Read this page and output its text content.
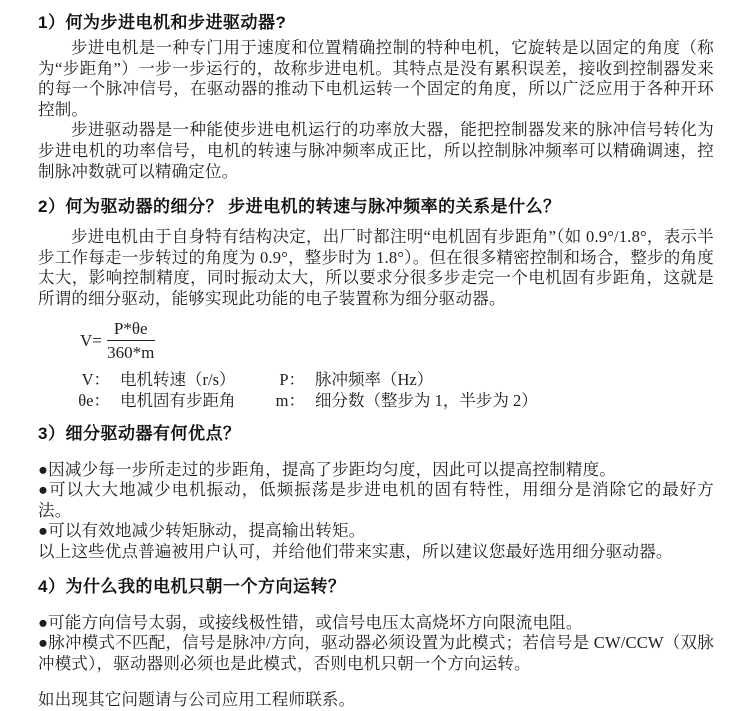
1）何为步进电机和步进驱动器?

步进电机是一种专门用于速度和位置精确控制的特种电机，它旋转是以固定的角度（称为“步距角”）一步一步运行的，故称步进电机。其特点是没有累积误差，接收到控制器发来的每一个脉冲信号，在驱动器的推动下电机运转一个固定的角度，所以广泛应用于各种开环控制。

步进驱动器是一种能使步进电机运行的功率放大器，能把控制器发来的脉冲信号转化为步进电机的功率信号，电机的转速与脉冲频率成正比，所以控制脉冲频率可以精确调速，控制脉冲数就可以精确定位。

2）何为驱动器的细分？ 步进电机的转速与脉冲频率的关系是什么？

步进电机由于自身特有结构决定，出厂时都注明“电机固有步距角”（如 0.9°/1.8°，表示半步工作每走一步转过的角度为 0.9°，整步时为 1.8°）。但在很多精密控制和场合，整步的角度太大，影响控制精度，同时振动太大，所以要求分很多步走完一个电机固有步距角，这就是所谓的细分驱动，能够实现此功能的电子装置称为细分驱动器。

$V= \frac{P*\theta e}{360*m}$
V： 电机转速（r/s）	P： 脉冲频率（Hz）
θe： 电机固有步距角	m： 细分数（整步为 1，半步为 2）
3）细分驱动器有何优点？

●因减少每一步所走过的步距角，提高了步距均匀度，因此可以提高控制精度。

●可以大大地减少电机振动，低频振荡是步进电机的固有特性，用细分是消除它的最好方法。

●可以有效地减少转矩脉动，提高输出转矩。

以上这些优点普遍被用户认可，并给他们带来实惠，所以建议您最好选用细分驱动器。

4）为什么我的电机只朝一个方向运转？

●可能方向信号太弱，或接线极性错，或信号电压太高烧坏方向限流电阻。

●脉冲模式不匹配，信号是脉冲/方向，驱动器必须设置为此模式；若信号是 CW/CCW（双脉冲模式），驱动器则必须也是此模式，否则电机只朝一个方向运转。

如出现其它问题请与公司应用工程师联系。
